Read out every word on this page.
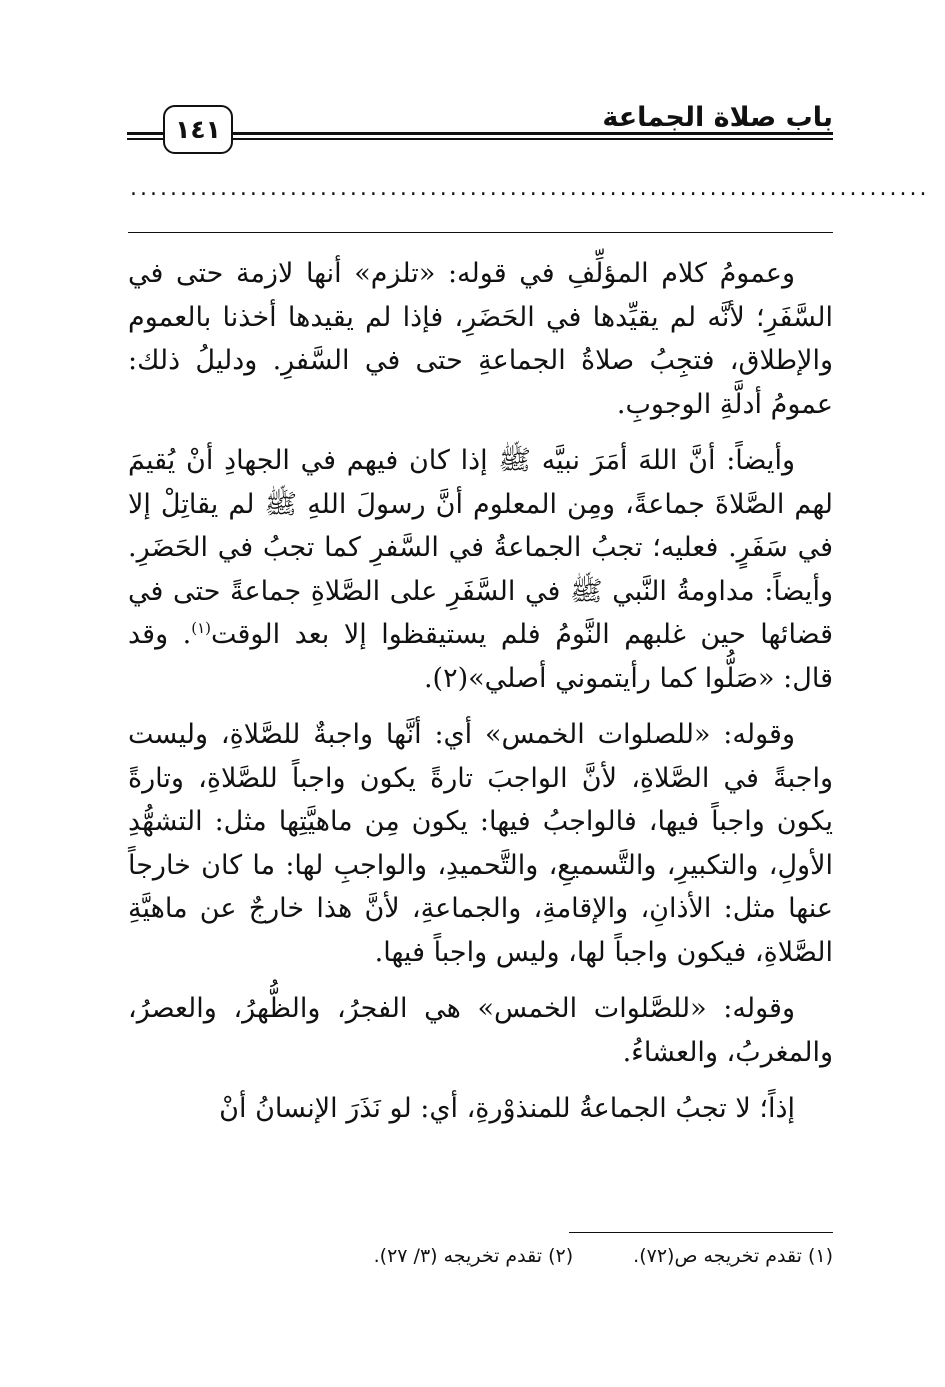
باب صلاة الجماعة
١٤١
................................................................................

وعمومُ كلام المؤلِّفِ في قوله: «تلزم» أنها لازمة حتى في السَّفَرِ؛ لأنَّه لم يقيِّدها في الحَضَرِ، فإذا لم يقيدها أخذنا بالعموم والإطلاق، فتجِبُ صلاةُ الجماعةِ حتى في السَّفرِ. ودليلُ ذلك: عمومُ أدلَّةِ الوجوبِ.

وأيضاً: أنَّ اللهَ أمَرَ نبيَّه ﷺ إذا كان فيهم في الجهادِ أنْ يُقيمَ لهم الصَّلاةَ جماعةً، ومِن المعلوم أنَّ رسولَ اللهِ ﷺ لم يقاتِلْ إلا في سَفَرٍ. فعليه؛ تجبُ الجماعةُ في السَّفرِ كما تجبُ في الحَضَرِ. وأيضاً: مداومةُ النَّبي ﷺ في السَّفَرِ على الصَّلاةِ جماعةً حتى في قضائها حين غلبهم النَّومُ فلم يستيقظوا إلا بعد الوقت$^{(١)}$. وقد قال: «صَلُّوا كما رأيتموني أصلي»(٢).

وقوله: «للصلوات الخمس» أي: أنَّها واجبةٌ للصَّلاةِ، وليست واجبةً في الصَّلاةِ، لأنَّ الواجبَ تارةً يكون واجباً للصَّلاةِ، وتارةً يكون واجباً فيها، فالواجبُ فيها: يكون مِن ماهيَّتِها مثل: التشهُّدِ الأولِ، والتكبيرِ، والتَّسميعِ، والتَّحميدِ، والواجبِ لها: ما كان خارجاً عنها مثل: الأذانِ، والإقامةِ، والجماعةِ، لأنَّ هذا خارجٌ عن ماهيَّةِ الصَّلاةِ، فيكون واجباً لها، وليس واجباً فيها.

وقوله: «للصَّلوات الخمس» هي الفجرُ، والظُّهرُ، والعصرُ، والمغربُ، والعشاءُ.

إذاً؛ لا تجبُ الجماعةُ للمنذوْرةِ، أي: لو نَذَرَ الإنسانُ أنْ

(١) تقدم تخريجه ص(٧٢).
(٢) تقدم تخريجه (٣/ ٢٧).
